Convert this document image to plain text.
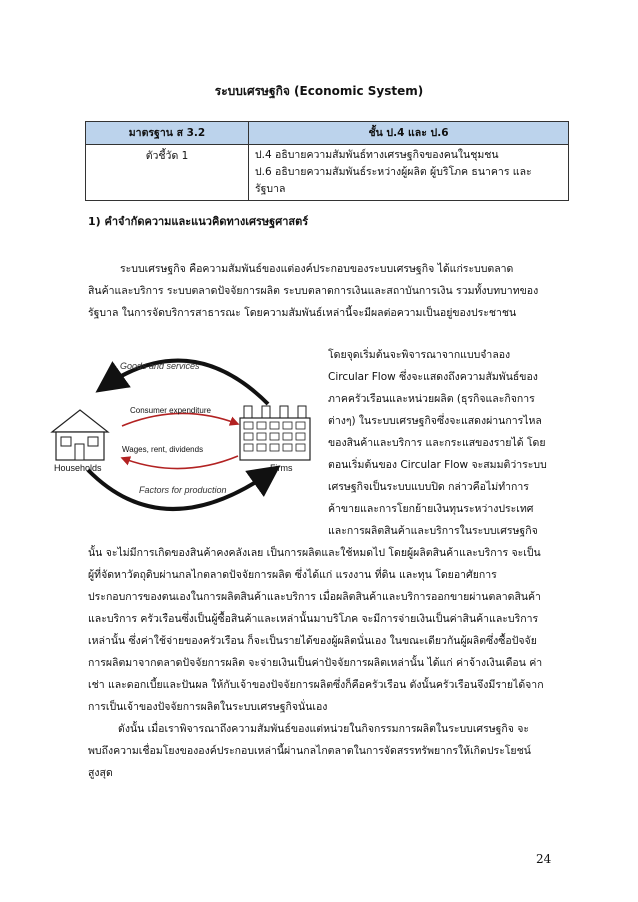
ระบบเศรษฐกิจ (Economic System)
มาตรฐาน ส 3.2	ชั้น ป.4 และ ป.6
ตัวชี้วัด 1	ป.4 อธิบายความสัมพันธ์ทางเศรษฐกิจของคนในชุมชน
ป.6 อธิบายความสัมพันธ์ระหว่างผู้ผลิต ผู้บริโภค ธนาคาร และรัฐบาล
1) คำจำกัดความและแนวคิดทางเศรษฐศาสตร์
ระบบเศรษฐกิจ คือความสัมพันธ์ของแต่องค์ประกอบของระบบเศรษฐกิจ ได้แก่ระบบตลาด
สินค้าและบริการ ระบบตลาดปัจจัยการผลิต ระบบตลาดการเงินและสถาบันการเงิน รวมทั้งบทบาทของ
รัฐบาล ในการจัดบริการสาธารณะ โดยความสัมพันธ์เหล่านี้จะมีผลต่อความเป็นอยู่ของประชาชน
Goods and services
Factors for production
Consumer expenditure
Wages, rent, dividends
Households	Firms
โดยจุดเริ่มต้นจะพิจารณาจากแบบจำลอง
Circular Flow ซึ่งจะแสดงถึงความสัมพันธ์ของ
ภาคครัวเรือนและหน่วยผลิต (ธุรกิจและกิจการ
ต่างๆ) ในระบบเศรษฐกิจซึ่งจะแสดงผ่านการไหล
ของสินค้าและบริการ และกระแสของรายได้ โดย
ตอนเริ่มต้นของ Circular Flow จะสมมติว่าระบบ
เศรษฐกิจเป็นระบบแบบปิด กล่าวคือไม่ทำการ
ค้าขายและการโยกย้ายเงินทุนระหว่างประเทศ
และการผลิตสินค้าและบริการในระบบเศรษฐกิจ
นั้น จะไม่มีการเกิดของสินค้าคงคลังเลย เป็นการผลิตและใช้หมดไป โดยผู้ผลิตสินค้าและบริการ จะเป็น
ผู้ที่จัดหาวัตถุดิบผ่านกลไกตลาดปัจจัยการผลิต ซึ่งได้แก่ แรงงาน ที่ดิน และทุน โดยอาศัยการ
ประกอบการของตนเองในการผลิตสินค้าและบริการ เมื่อผลิตสินค้าและบริการออกขายผ่านตลาดสินค้า
และบริการ ครัวเรือนซึ่งเป็นผู้ซื้อสินค้าและเหล่านั้นมาบริโภค จะมีการจ่ายเงินเป็นค่าสินค้าและบริการ
เหล่านั้น ซึ่งค่าใช้จ่ายของครัวเรือน ก็จะเป็นรายได้ของผู้ผลิตนั่นเอง ในขณะเดียวกันผู้ผลิตซึ่งซื้อปัจจัย
การผลิตมาจากตลาดปัจจัยการผลิต จะจ่ายเงินเป็นค่าปัจจัยการผลิตเหล่านั้น ได้แก่ ค่าจ้างเงินเดือน ค่า
เช่า และดอกเบี้ยและปันผล ให้กับเจ้าของปัจจัยการผลิตซึ่งก็คือครัวเรือน ดังนั้นครัวเรือนจึงมีรายได้จาก
การเป็นเจ้าของปัจจัยการผลิตในระบบเศรษฐกิจนั่นเอง
ดังนั้น เมื่อเราพิจารณาถึงความสัมพันธ์ของแต่หน่วยในกิจกรรมการผลิตในระบบเศรษฐกิจ จะ
พบถึงความเชื่อมโยงขององค์ประกอบเหล่านี้ผ่านกลไกตลาดในการจัดสรรทรัพยากรให้เกิดประโยชน์
สูงสุด
24
